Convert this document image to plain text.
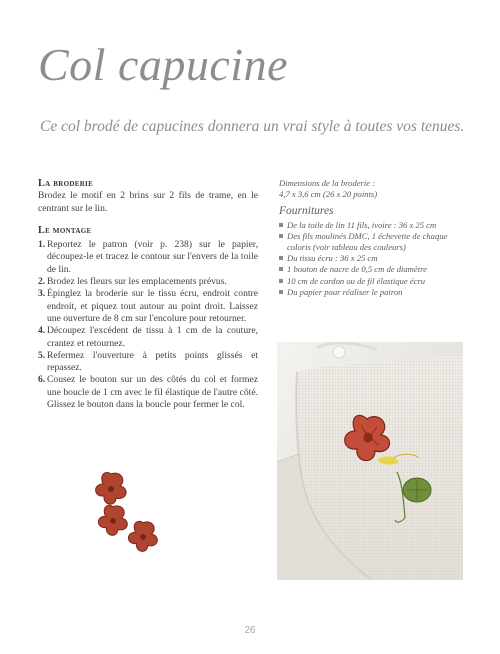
Col capucine
Ce col brodé de capucines donnera un vrai style à toutes vos tenues.
La broderie
Brodez le motif en 2 brins sur 2 fils de trame, en le centrant sur le lin.
Le montage
1. Reportez le patron (voir p. 238) sur le papier, découpez-le et tracez le contour sur l'envers de la toile de lin.
2. Brodez les fleurs sur les emplacements prévus.
3. Épinglez la broderie sur le tissu écru, endroit contre endroit, et piquez tout autour au point droit. Laissez une ouverture de 8 cm sur l'encolure pour retourner.
4. Découpez l'excédent de tissu à 1 cm de la couture, crantez et retournez.
5. Refermez l'ouverture à petits points glissés et repassez.
6. Cousez le bouton sur un des côtés du col et formez une boucle de 1 cm avec le fil élastique de l'autre côté. Glissez le bouton dans la boucle pour fermer le col.
Dimensions de la broderie :
4,7 x 3,6 cm (26 x 20 points)
Fournitures
De la toile de lin 11 fils, ivoire : 36 x 25 cm
Des fils moulinés DMC, 1 échevette de chaque coloris (voir tableau des couleurs)
Du tissu écru : 36 x 25 cm
1 bouton de nacre de 0,5 cm de diamètre
10 cm de cordon ou de fil élastique écru
Du papier pour réaliser le patron
26
